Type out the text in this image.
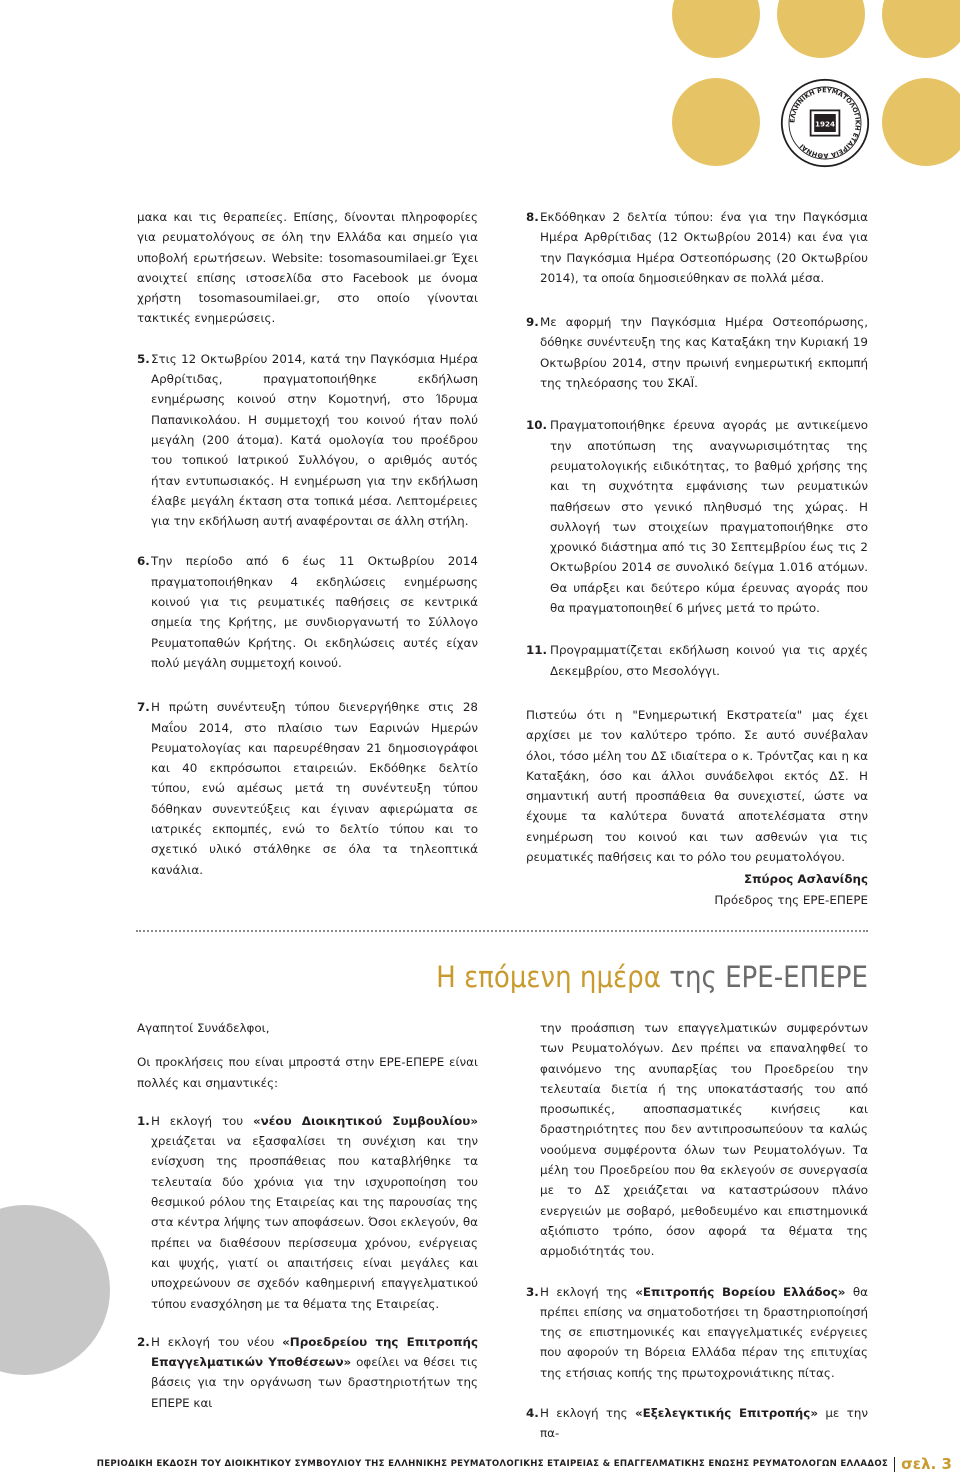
ΕΛΛΗΝΙΚΗ ΡΕΥΜΑΤΟΛΟΓΙΚΗ ΕΤΑΙΡΕΙΑ ΑΘΗΝΑΙ
1924

μακα και τις θεραπείες. Επίσης, δίνονται πληροφορίες για ρευματολόγους σε όλη την Ελλάδα και σημείο για υποβολή ερωτήσεων. Website: tosomasoumilaei.gr Έχει ανοιχτεί επίσης ιστοσελίδα στο Facebook με όνομα χρήστη tosomasoumilaei.gr, στο οποίο γίνονται τακτικές ενημερώσεις.

5. Στις 12 Οκτωβρίου 2014, κατά την Παγκόσμια Ημέρα Αρθρίτιδας, πραγματοποιήθηκε εκδήλωση ενημέρωσης κοινού στην Κομοτηνή, στο Ίδρυμα Παπανικολάου. Η συμμετοχή του κοινού ήταν πολύ μεγάλη (200 άτομα). Κατά ομολογία του προέδρου του τοπικού Ιατρικού Συλλόγου, ο αριθμός αυτός ήταν εντυπωσιακός. Η ενημέρωση για την εκδήλωση έλαβε μεγάλη έκταση στα τοπικά μέσα. Λεπτομέρειες για την εκδήλωση αυτή αναφέρονται σε άλλη στήλη.
6. Την περίοδο από 6 έως 11 Οκτωβρίου 2014 πραγματοποιήθηκαν 4 εκδηλώσεις ενημέρωσης κοινού για τις ρευματικές παθήσεις σε κεντρικά σημεία της Κρήτης, με συνδιοργανωτή το Σύλλογο Ρευματοπαθών Κρήτης. Οι εκδηλώσεις αυτές είχαν πολύ μεγάλη συμμετοχή κοινού.
7. Η πρώτη συνέντευξη τύπου διενεργήθηκε στις 28 Μαΐου 2014, στο πλαίσιο των Εαρινών Ημερών Ρευματολογίας και παρευρέθησαν 21 δημοσιογράφοι και 40 εκπρόσωποι εταιρειών. Εκδόθηκε δελτίο τύπου, ενώ αμέσως μετά τη συνέντευξη τύπου δόθηκαν συνεντεύξεις και έγιναν αφιερώματα σε ιατρικές εκπομπές, ενώ το δελτίο τύπου και το σχετικό υλικό στάλθηκε σε όλα τα τηλεοπτικά κανάλια.
8. Εκδόθηκαν 2 δελτία τύπου: ένα για την Παγκόσμια Ημέρα Αρθρίτιδας (12 Οκτωβρίου 2014) και ένα για την Παγκόσμια Ημέρα Οστεοπόρωσης (20 Οκτωβρίου 2014), τα οποία δημοσιεύθηκαν σε πολλά μέσα.
9. Με αφορμή την Παγκόσμια Ημέρα Οστεοπόρωσης, δόθηκε συνέντευξη της κας Καταξάκη την Κυριακή 19 Οκτωβρίου 2014, στην πρωινή ενημερωτική εκπομπή της τηλεόρασης του ΣΚΑΪ.
10. Πραγματοποιήθηκε έρευνα αγοράς με αντικείμενο την αποτύπωση της αναγνωρισιμότητας της ρευματολογικής ειδικότητας, το βαθμό χρήσης της και τη συχνότητα εμφάνισης των ρευματικών παθήσεων στο γενικό πληθυσμό της χώρας. Η συλλογή των στοιχείων πραγματοποιήθηκε στο χρονικό διάστημα από τις 30 Σεπτεμβρίου έως τις 2 Οκτωβρίου 2014 σε συνολικό δείγμα 1.016 ατόμων. Θα υπάρξει και δεύτερο κύμα έρευνας αγοράς που θα πραγματοποιηθεί 6 μήνες μετά το πρώτο.
11. Προγραμματίζεται εκδήλωση κοινού για τις αρχές Δεκεμβρίου, στο Μεσολόγγι.

Πιστεύω ότι η "Ενημερωτική Εκστρατεία" μας έχει αρχίσει με τον καλύτερο τρόπο. Σε αυτό συνέβαλαν όλοι, τόσο μέλη του ΔΣ ιδιαίτερα ο κ. Τρόντζας και η κα Καταξάκη, όσο και άλλοι συνάδελφοι εκτός ΔΣ. Η σημαντική αυτή προσπάθεια θα συνεχιστεί, ώστε να έχουμε τα καλύτερα δυνατά αποτελέσματα στην ενημέρωση του κοινού και των ασθενών για τις ρευματικές παθήσεις και το ρόλο του ρευματολόγου.

Σπύρος Ασλανίδης

Πρόεδρος της ΕΡΕ-ΕΠΕΡΕ

Η επόμενη ημέρα της ΕΡΕ-ΕΠΕΡΕ

Αγαπητοί Συνάδελφοι,

Οι προκλήσεις που είναι μπροστά στην ΕΡΕ-ΕΠΕΡΕ είναι πολλές και σημαντικές:

1. Η εκλογή του «νέου Διοικητικού Συμβουλίου» χρειάζεται να εξασφαλίσει τη συνέχιση και την ενίσχυση της προσπάθειας που καταβλήθηκε τα τελευταία δύο χρόνια για την ισχυροποίηση του θεσμικού ρόλου της Εταιρείας και της παρουσίας της στα κέντρα λήψης των αποφάσεων. Όσοι εκλεγούν, θα πρέπει να διαθέσουν περίσσευμα χρόνου, ενέργειας και ψυχής, γιατί οι απαιτήσεις είναι μεγάλες και υποχρεώνουν σε σχεδόν καθημερινή επαγγελματικού τύπου ενασχόληση με τα θέματα της Εταιρείας.
2. Η εκλογή του νέου «Προεδρείου της Επιτροπής Επαγγελματικών Υποθέσεων» οφείλει να θέσει τις βάσεις για την οργάνωση των δραστηριοτήτων της ΕΠΕΡΕ και

την προάσπιση των επαγγελματικών συμφερόντων των Ρευματολόγων. Δεν πρέπει να επαναληφθεί το φαινόμενο της ανυπαρξίας του Προεδρείου την τελευταία διετία ή της υποκατάστασής του από προσωπικές, αποσπασματικές κινήσεις και δραστηριότητες που δεν αντιπροσωπεύουν τα καλώς νοούμενα συμφέροντα όλων των Ρευματολόγων. Τα μέλη του Προεδρείου που θα εκλεγούν σε συνεργασία με το ΔΣ χρειάζεται να καταστρώσουν πλάνο ενεργειών με σοβαρό, μεθοδευμένο και επιστημονικά αξιόπιστο τρόπο, όσον αφορά τα θέματα της αρμοδιότητάς του.

3. Η εκλογή της «Επιτροπής Βορείου Ελλάδος» θα πρέπει επίσης να σηματοδοτήσει τη δραστηριοποίησή της σε επιστημονικές και επαγγελματικές ενέργειες που αφορούν τη Βόρεια Ελλάδα πέραν της επιτυχίας της ετήσιας κοπής της πρωτοχρονιάτικης πίτας.
4. Η εκλογή της «Εξελεγκτικής Επιτροπής» με την πα-
ΠΕΡΙΟΔΙΚΗ ΕΚΔΟΣΗ ΤΟΥ ΔΙΟΙΚΗΤΙΚΟΥ ΣΥΜΒΟΥΛΙΟΥ ΤΗΣ ΕΛΛΗΝΙΚΗΣ ΡΕΥΜΑΤΟΛΟΓΙΚΗΣ ΕΤΑΙΡΕΙΑΣ & ΕΠΑΓΓΕΛΜΑΤΙΚΗΣ ΕΝΩΣΗΣ ΡΕΥΜΑΤΟΛΟΓΩΝ ΕΛΛΑΔΟΣ σελ. 3
